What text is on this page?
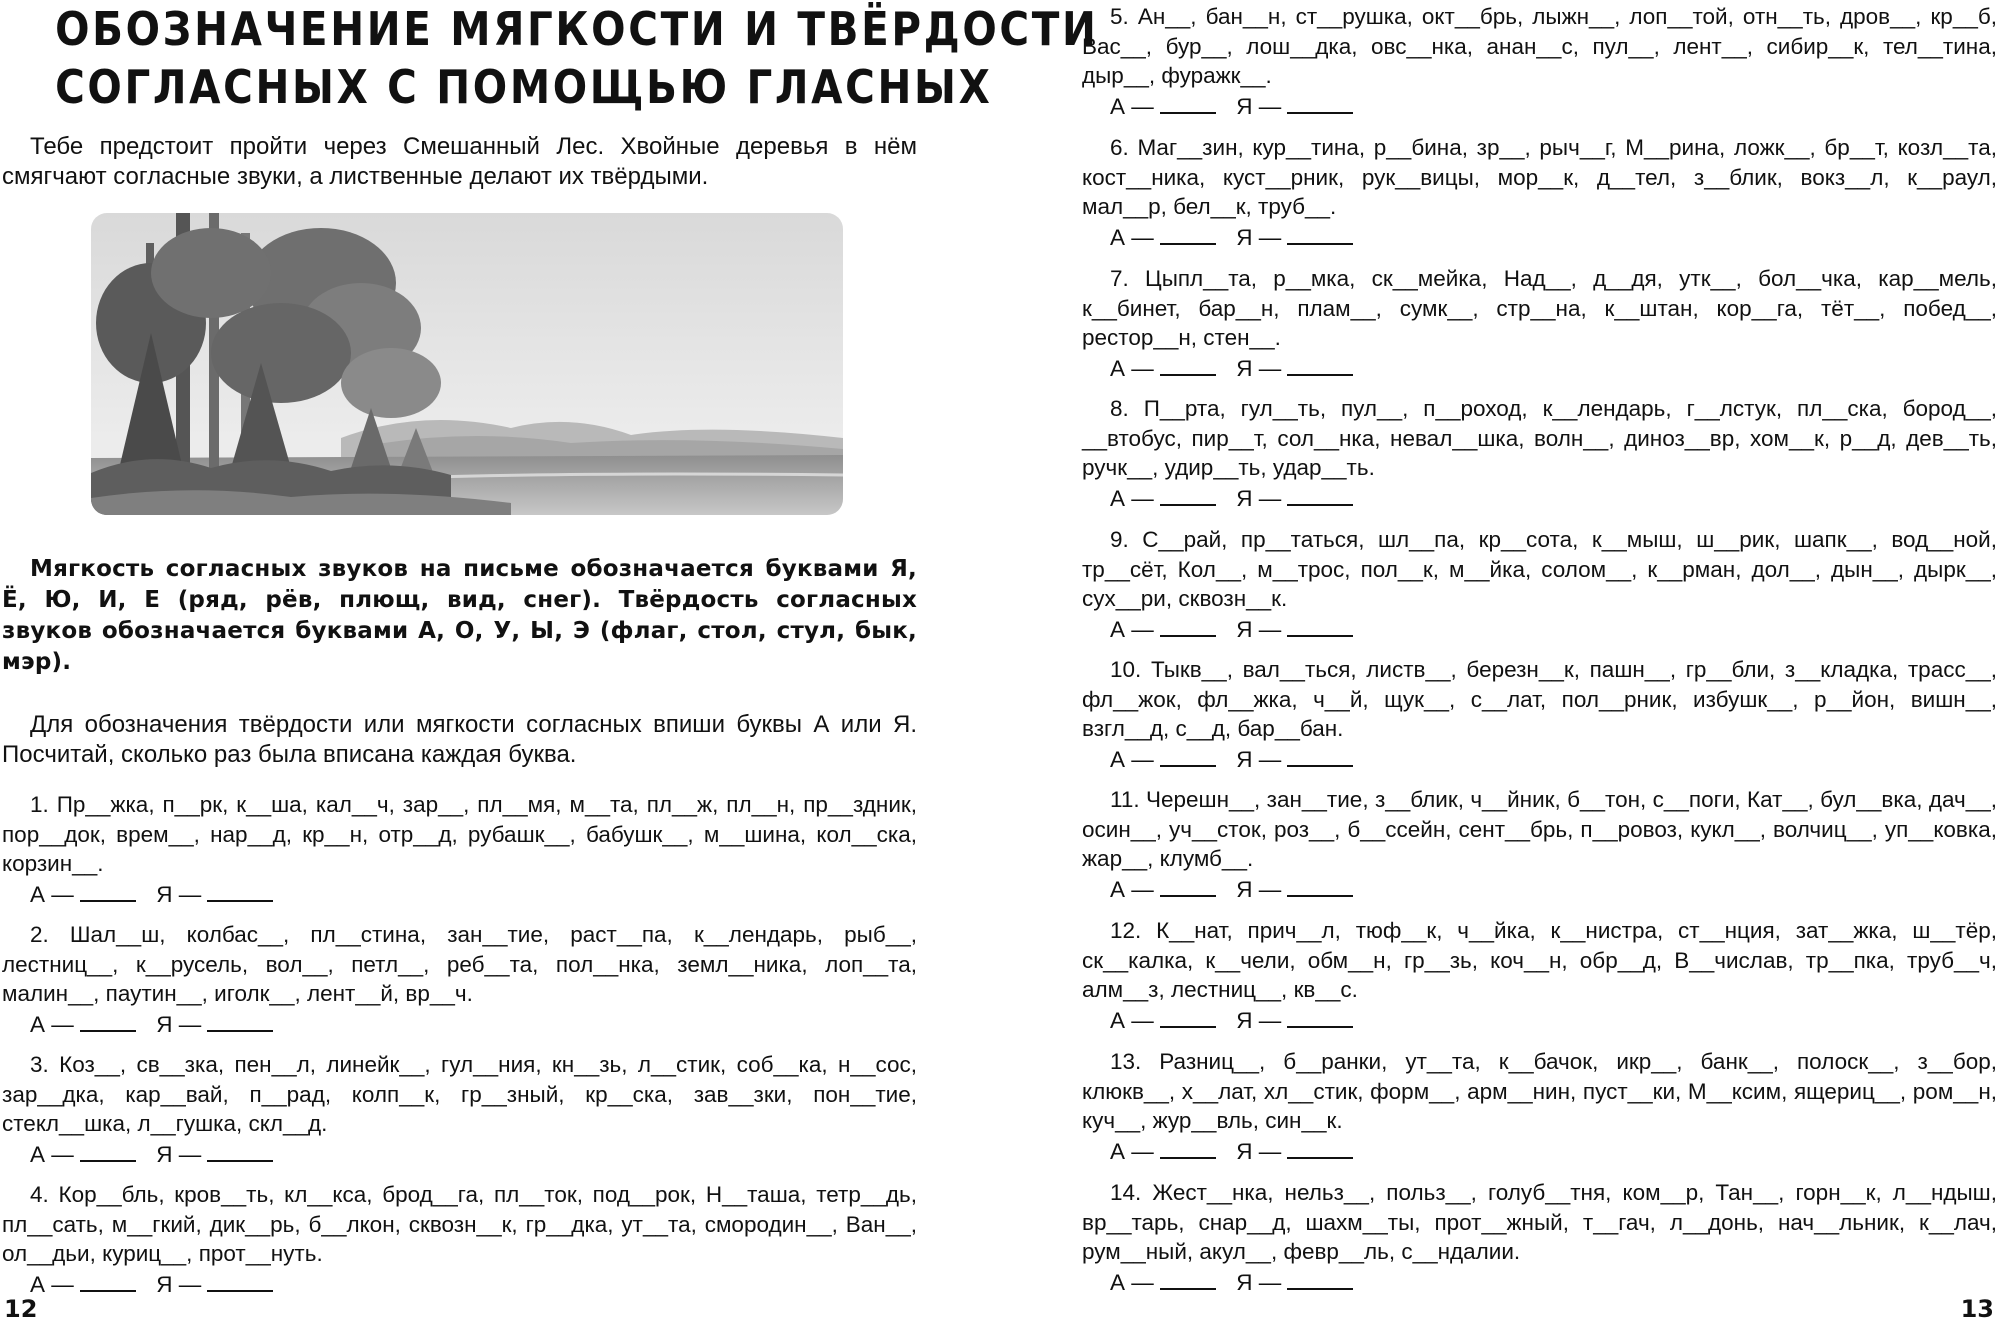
ОБОЗНАЧЕНИЕ МЯГКОСТИ И ТВЁРДОСТИ
СОГЛАСНЫХ С ПОМОЩЬЮ ГЛАСНЫХ

Тебе предстоит пройти через Смешанный Лес. Хвойные деревья в нём смягчают согласные звуки, а лиственные делают их твёрдыми.

Мягкость согласных звуков на письме обозначается буквами Я, Ё, Ю, И, Е (ряд, рёв, плющ, вид, снег). Твёрдость согласных звуков обозначается буквами А, О, У, Ы, Э (флаг, стол, стул, бык, мэр).

Для обозначения твёрдости или мягкости согласных впиши буквы А или Я. Посчитай, сколько раз была вписана каждая буква.

1. Пр__жка, п__рк, к__ша, кал__ч, зар__, пл__мя, м__та, пл__ж, пл__н, пр__здник, пор__док, врем__, нар__д, кр__н, отр__д, рубашк__, бабушк__, м__шина, кол__ска, корзин__.

А —	Я —

2. Шал__ш, колбас__, пл__стина, зан__тие, раст__па, к__лендарь, рыб__, лестниц__, к__русель, вол__, петл__, реб__та, пол__нка, земл__ника, лоп__та, малин__, паутин__, иголк__, лент__й, вр__ч.

А —	Я —

3. Коз__, св__зка, пен__л, линейк__, гул__ния, кн__зь, л__стик, соб__ка, н__сос, зар__дка, кар__вай, п__рад, колп__к, гр__зный, кр__ска, зав__зки, пон__тие, стекл__шка, л__гушка, скл__д.

А —	Я —

4. Кор__бль, кров__ть, кл__кса, брод__га, пл__ток, под__рок, Н__таша, тетр__дь, пл__сать, м__гкий, дик__рь, б__лкон, сквозн__к, гр__дка, ут__та, смородин__, Ван__, ол__дьи, куриц__, прот__нуть.

А —	Я —
12

5. Ан__, бан__н, ст__рушка, окт__брь, лыжн__, лоп__той, отн__ть, дров__, кр__б, Вас__, бур__, лош__дка, овс__нка, анан__с, пул__, лент__, сибир__к, тел__тина, дыр__, фуражк__.

А —	Я —

6. Маг__зин, кур__тина, р__бина, зр__, рыч__г, М__рина, ложк__, бр__т, козл__та, кост__ника, куст__рник, рук__вицы, мор__к, д__тел, з__блик, вокз__л, к__раул, мал__р, бел__к, труб__.

А —	Я —

7. Цыпл__та, р__мка, ск__мейка, Над__, д__дя, утк__, бол__чка, кар__мель, к__бинет, бар__н, плам__, сумк__, стр__на, к__штан, кор__га, тёт__, побед__, рестор__н, стен__.

А —	Я —

8. П__рта, гул__ть, пул__, п__роход, к__лендарь, г__лстук, пл__ска, бород__, __втобус, пир__т, сол__нка, невал__шка, волн__, диноз__вр, хом__к, р__д, дев__ть, ручк__, удир__ть, удар__ть.

А —	Я —

9. С__рай, пр__таться, шл__па, кр__сота, к__мыш, ш__рик, шапк__, вод__ной, тр__сёт, Кол__, м__трос, пол__к, м__йка, солом__, к__рман, дол__, дын__, дырк__, сух__ри, сквозн__к.

А —	Я —

10. Тыкв__, вал__ться, листв__, березн__к, пашн__, гр__бли, з__кладка, трасс__, фл__жок, фл__жка, ч__й, щук__, с__лат, пол__рник, избушк__, р__йон, вишн__, взгл__д, с__д, бар__бан.

А —	Я —

11. Черешн__, зан__тие, з__блик, ч__йник, б__тон, с__поги, Кат__, бул__вка, дач__, осин__, уч__сток, роз__, б__ссейн, сент__брь, п__ровоз, кукл__, волчиц__, уп__ковка, жар__, клумб__.

А —	Я —

12. К__нат, прич__л, тюф__к, ч__йка, к__нистра, ст__нция, зат__жка, ш__тёр, ск__калка, к__чели, обм__н, гр__зь, коч__н, обр__д, В__числав, тр__пка, труб__ч, алм__з, лестниц__, кв__с.

А —	Я —

13. Разниц__, б__ранки, ут__та, к__бачок, икр__, банк__, полоск__, з__бор, клюкв__, х__лат, хл__стик, форм__, арм__нин, пуст__ки, М__ксим, ящериц__, ром__н, куч__, жур__вль, син__к.

А —	Я —

14. Жест__нка, нельз__, польз__, голуб__тня, ком__р, Тан__, горн__к, л__ндыш, вр__тарь, снар__д, шахм__ты, прот__жный, т__гач, л__донь, нач__льник, к__лач, рум__ный, акул__, февр__ль, с__ндалии.

А —	Я —
13
